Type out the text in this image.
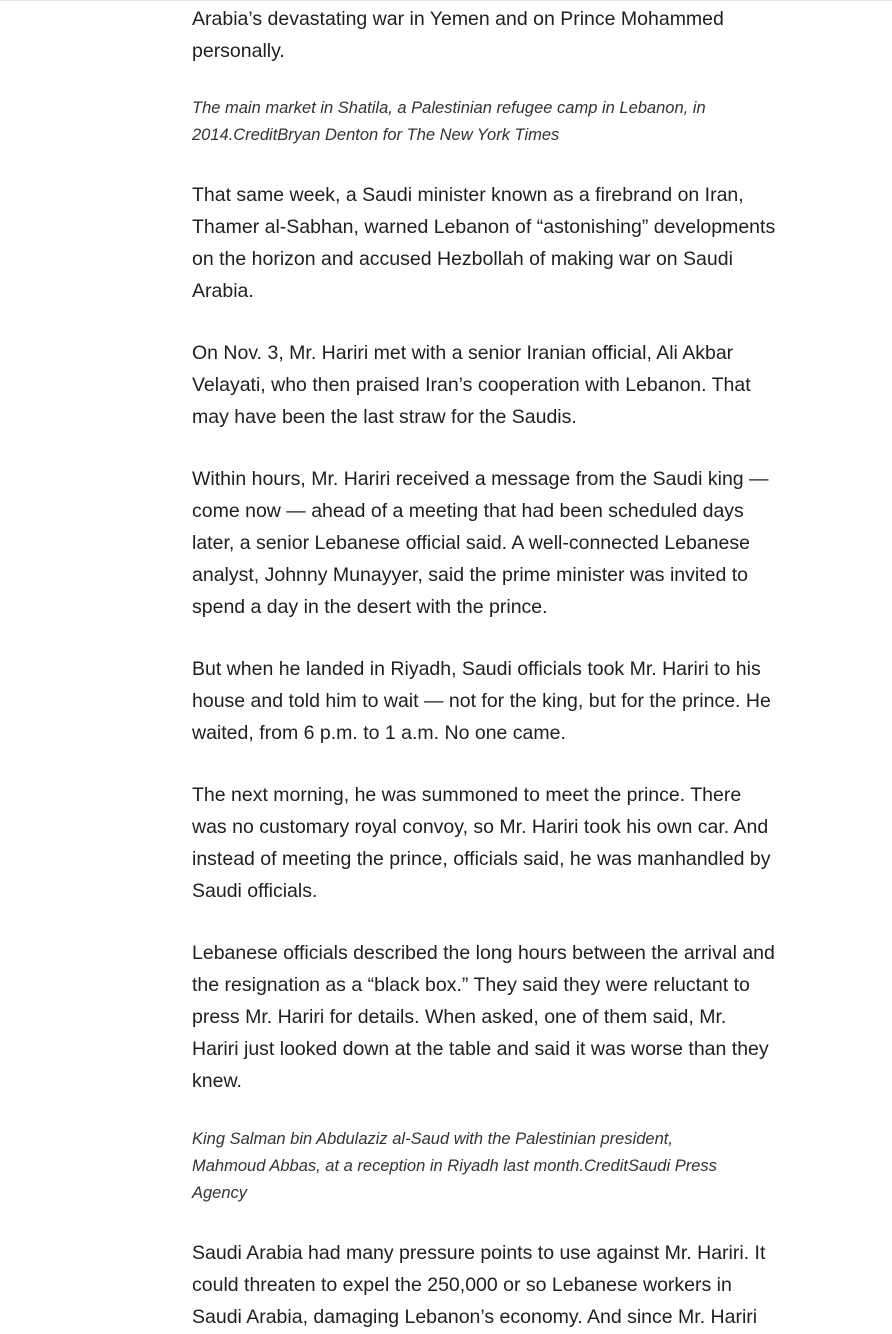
Arabia’s devastating war in Yemen and on Prince Mohammed
personally.

The main market in Shatila, a Palestinian refugee camp in Lebanon, in
2014.CreditBryan Denton for The New York Times

That same week, a Saudi minister known as a firebrand on Iran,
Thamer al-Sabhan, warned Lebanon of “astonishing” developments
on the horizon and accused Hezbollah of making war on Saudi
Arabia.

On Nov. 3, Mr. Hariri met with a senior Iranian official, Ali Akbar
Velayati, who then praised Iran’s cooperation with Lebanon. That
may have been the last straw for the Saudis.

Within hours, Mr. Hariri received a message from the Saudi king —
come now — ahead of a meeting that had been scheduled days
later, a senior Lebanese official said. A well-connected Lebanese
analyst, Johnny Munayyer, said the prime minister was invited to
spend a day in the desert with the prince.

But when he landed in Riyadh, Saudi officials took Mr. Hariri to his
house and told him to wait — not for the king, but for the prince. He
waited, from 6 p.m. to 1 a.m. No one came.

The next morning, he was summoned to meet the prince. There
was no customary royal convoy, so Mr. Hariri took his own car. And
instead of meeting the prince, officials said, he was manhandled by
Saudi officials.

Lebanese officials described the long hours between the arrival and
the resignation as a “black box.” They said they were reluctant to
press Mr. Hariri for details. When asked, one of them said, Mr.
Hariri just looked down at the table and said it was worse than they
knew.

King Salman bin Abdulaziz al-Saud with the Palestinian president,
Mahmoud Abbas, at a reception in Riyadh last month.CreditSaudi Press
Agency

Saudi Arabia had many pressure points to use against Mr. Hariri. It
could threaten to expel the 250,000 or so Lebanese workers in
Saudi Arabia, damaging Lebanon’s economy. And since Mr. Hariri
